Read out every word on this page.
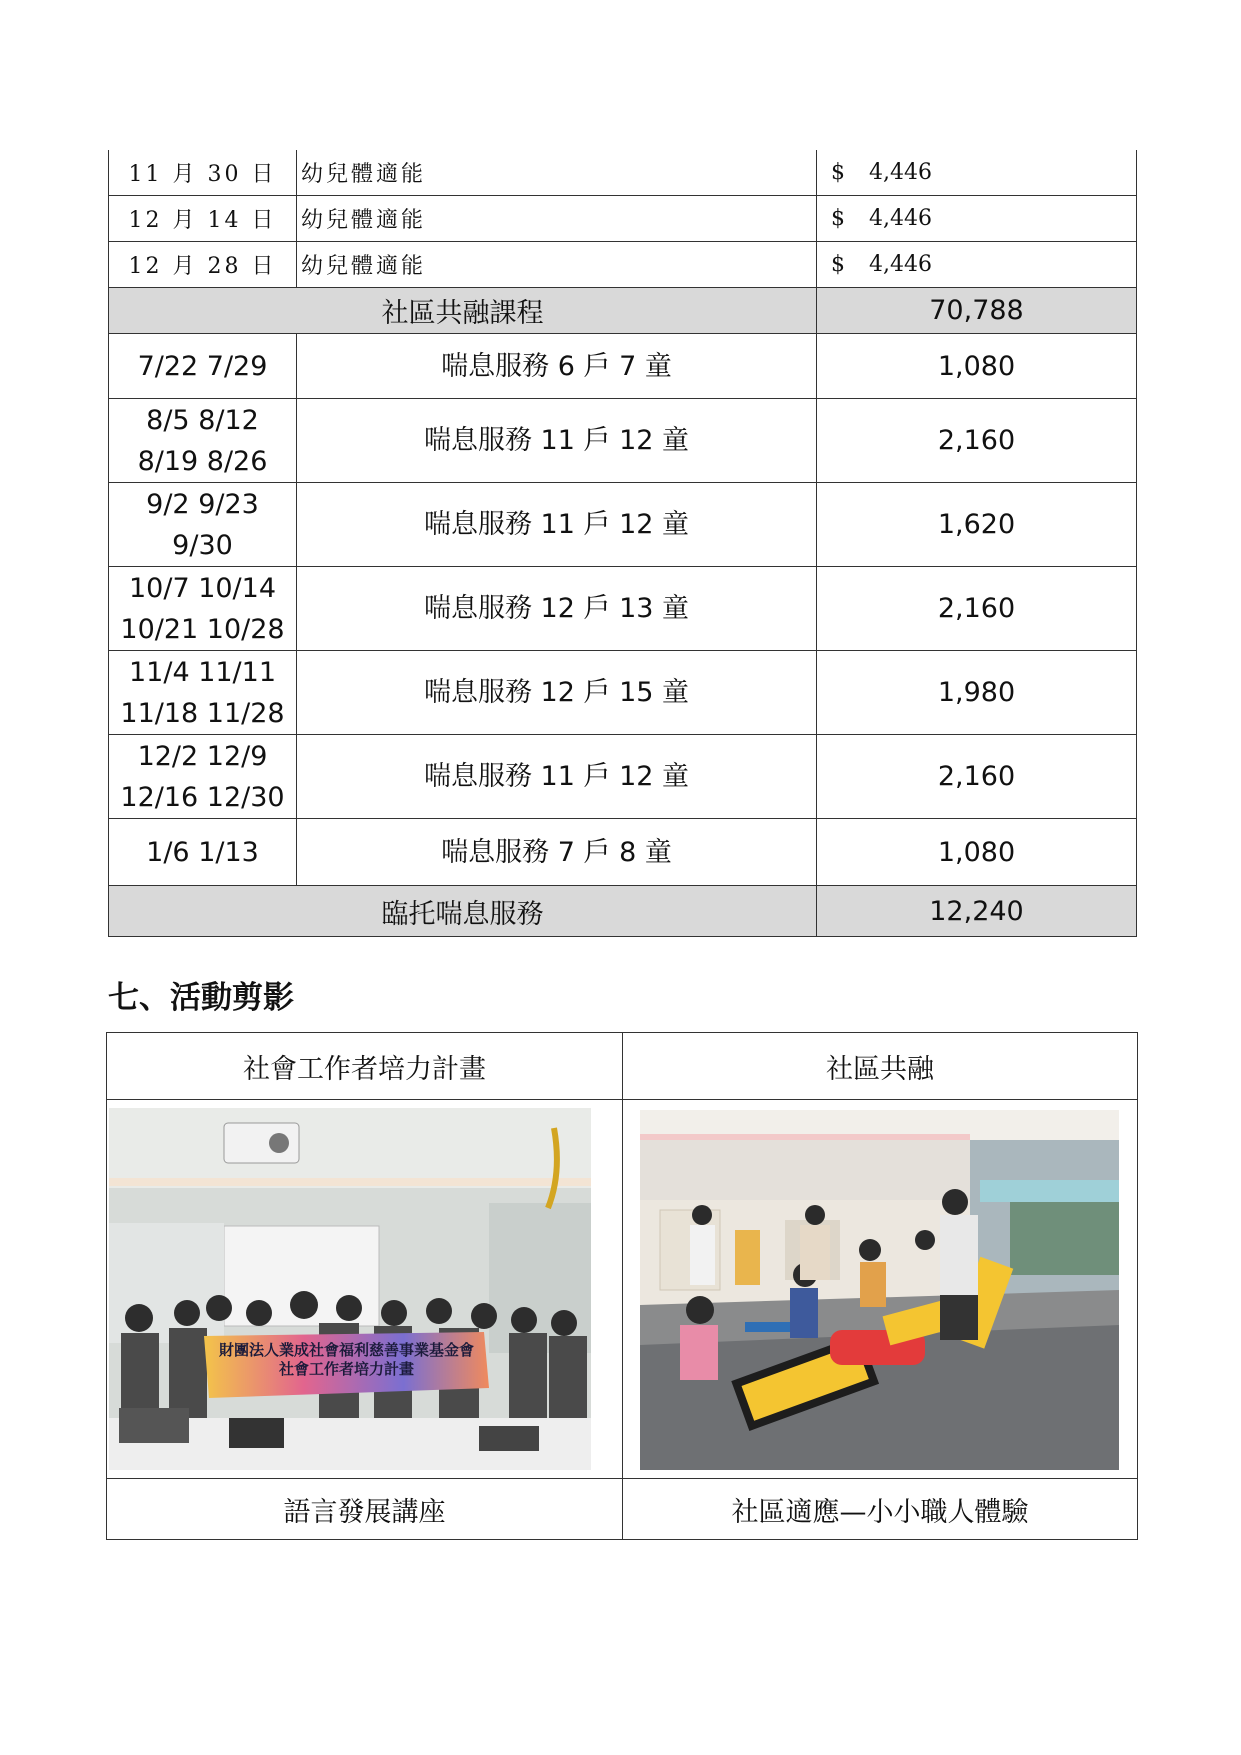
11 月 30 日	幼兒體適能	$ 4,446
12 月 14 日	幼兒體適能	$ 4,446
12 月 28 日	幼兒體適能	$ 4,446
社區共融課程		70,788
7/22 7/29	喘息服務 6 戶 7 童	1,080

8/5 8/12
8/19 8/26	喘息服務 11 戶 12 童	2,160

9/2 9/23
9/30	喘息服務 11 戶 12 童	1,620

10/7 10/14
10/21 10/28	喘息服務 12 戶 13 童	2,160

11/4 11/11
11/18 11/28	喘息服務 12 戶 15 童	1,980

12/2 12/9
12/16 12/30	喘息服務 11 戶 12 童	2,160
1/6 1/13	喘息服務 7 戶 8 童	1,080
臨托喘息服務		12,240
七、活動剪影
社會工作者培力計畫	社區共融

財團法人業成社會福利慈善事業基金會
社會工作者培力計畫

語言發展講座	社區適應—小小職人體驗
